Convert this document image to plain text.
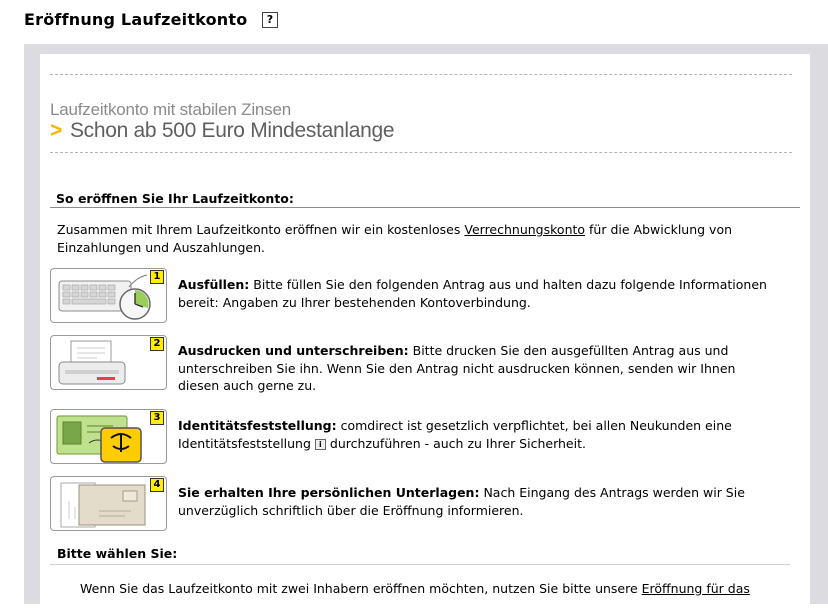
Eröffnung Laufzeitkonto	?
Laufzeitkonto mit stabilen Zinsen
> Schon ab 500 Euro Mindestanlange
So eröffnen Sie Ihr Laufzeitkonto:
Zusammen mit Ihrem Laufzeitkonto eröffnen wir ein kostenloses Verrechnungskonto für die Abwicklung von Einzahlungen und Auszahlungen.
1
Ausfüllen: Bitte füllen Sie den folgenden Antrag aus und halten dazu folgende Informationen bereit: Angaben zu Ihrer bestehenden Kontoverbindung.
2 Ausdrucken und unterschreiben: Bitte drucken Sie den ausgefüllten Antrag aus und unterschreiben Sie ihn. Wenn Sie den Antrag nicht ausdrucken können, senden wir Ihnen diesen auch gerne zu.
3
Identitätsfeststellung: comdirect ist gesetzlich verpflichtet, bei allen Neukunden eine Identitätsfeststellung i durchzuführen - auch zu Ihrer Sicherheit.
4
Sie erhalten Ihre persönlichen Unterlagen: Nach Eingang des Antrags werden wir Sie unverzüglich schriftlich über die Eröffnung informieren.
Bitte wählen Sie:
Wenn Sie das Laufzeitkonto mit zwei Inhabern eröffnen möchten, nutzen Sie bitte unsere Eröffnung für das
